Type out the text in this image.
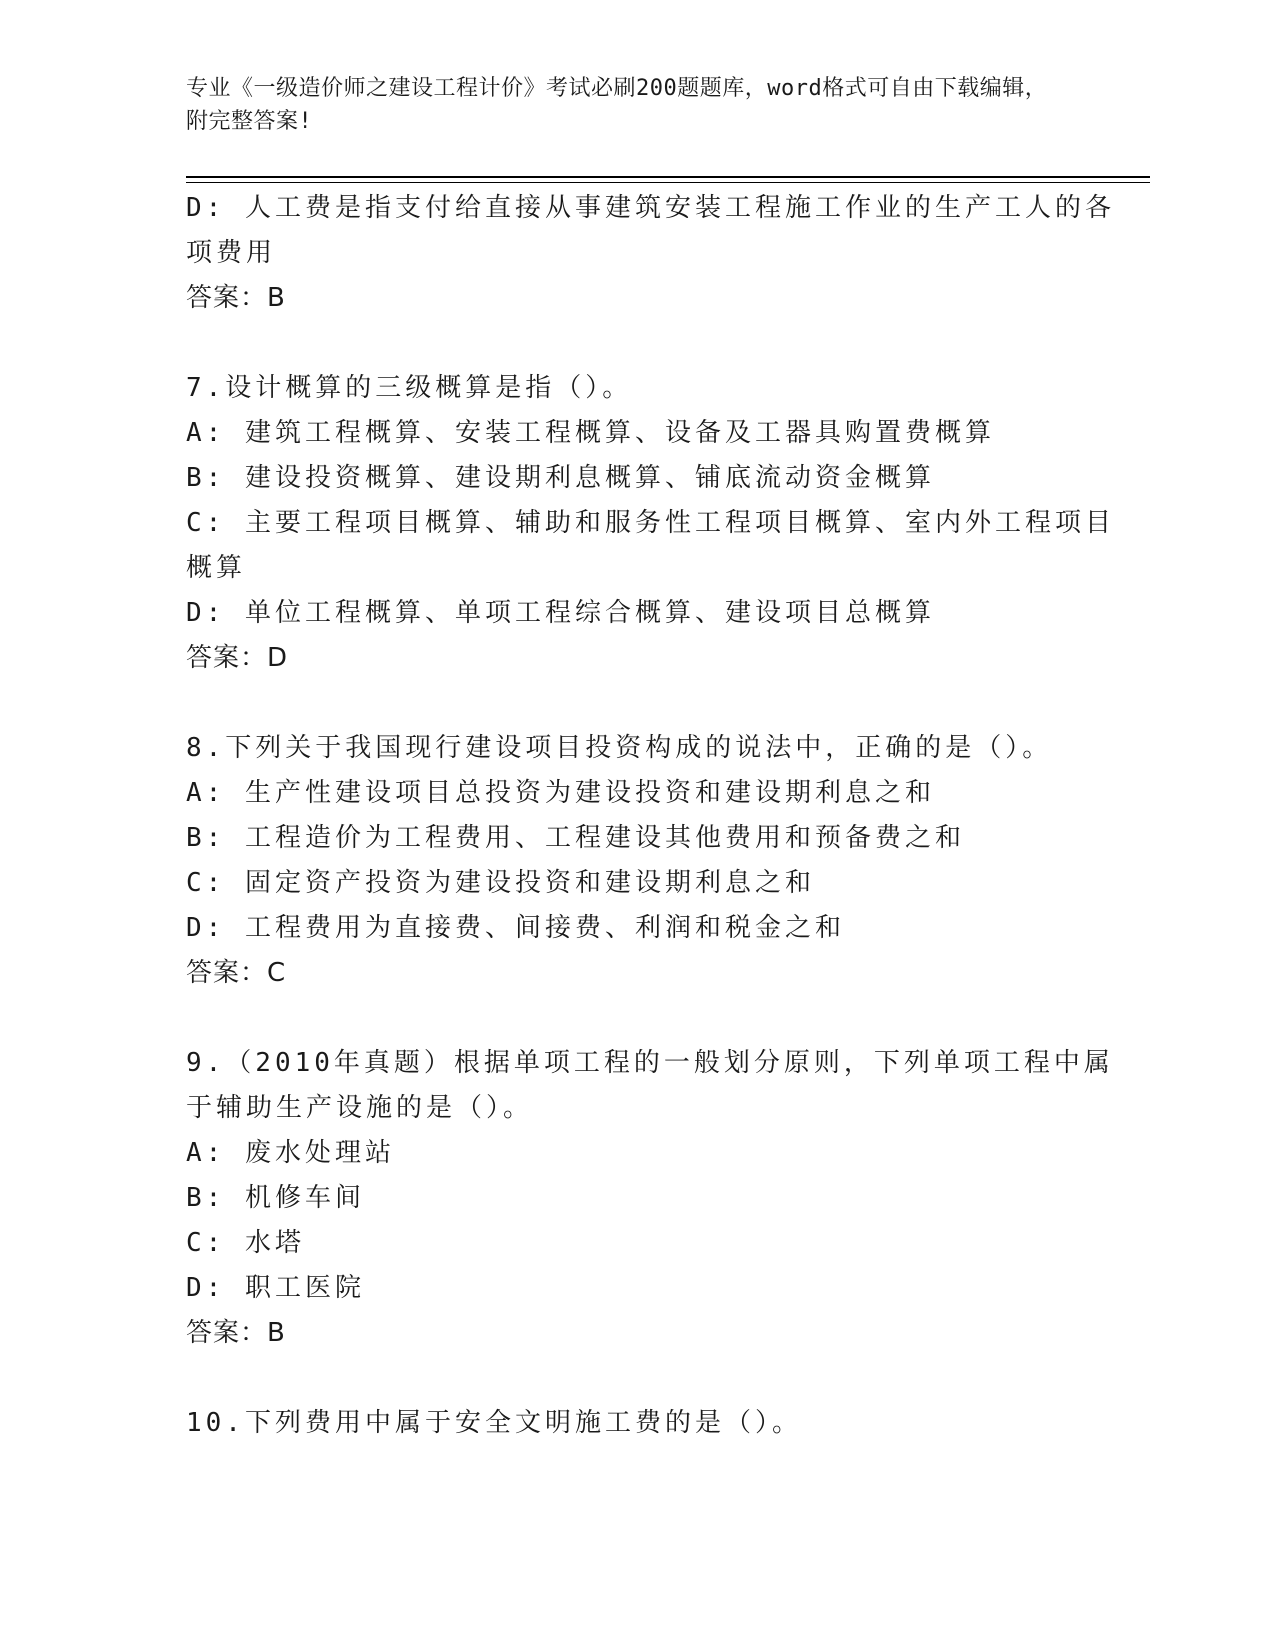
专业《一级造价师之建设工程计价》考试必刷200题题库，word格式可自由下载编辑，附完整答案!
D: 人工费是指支付给直接从事建筑安装工程施工作业的生产工人的各
项费用
答案：B
7.设计概算的三级概算是指（）。
A: 建筑工程概算、安装工程概算、设备及工器具购置费概算
B: 建设投资概算、建设期利息概算、铺底流动资金概算
C: 主要工程项目概算、辅助和服务性工程项目概算、室内外工程项目
概算
D: 单位工程概算、单项工程综合概算、建设项目总概算
答案：D
8.下列关于我国现行建设项目投资构成的说法中，正确的是（）。
A: 生产性建设项目总投资为建设投资和建设期利息之和
B: 工程造价为工程费用、工程建设其他费用和预备费之和
C: 固定资产投资为建设投资和建设期利息之和
D: 工程费用为直接费、间接费、利润和税金之和
答案：C
9.（2010年真题）根据单项工程的一般划分原则，下列单项工程中属
于辅助生产设施的是（）。
A: 废水处理站
B: 机修车间
C: 水塔
D: 职工医院
答案：B
10.下列费用中属于安全文明施工费的是（）。
